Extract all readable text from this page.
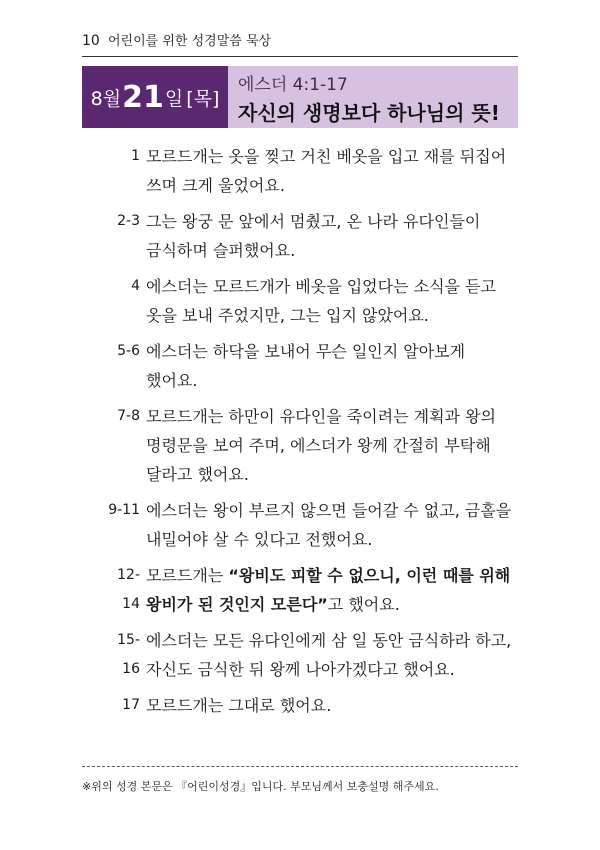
10 어린이를 위한 성경말씀 묵상
8월 21 일 [목]
에스더 4:1-17
자신의 생명보다 하나님의 뜻!
1 모르드개는 옷을 찢고 거친 베옷을 입고 재를 뒤집어 쓰며 크게 울었어요.
2-3 그는 왕궁 문 앞에서 멈췄고, 온 나라 유다인들이 금식하며 슬퍼했어요.
4 에스더는 모르드개가 베옷을 입었다는 소식을 듣고 옷을 보내 주었지만, 그는 입지 않았어요.
5-6 에스더는 하닥을 보내어 무슨 일인지 알아보게 했어요.
7-8 모르드개는 하만이 유다인을 죽이려는 계획과 왕의 명령문을 보여 주며, 에스더가 왕께 간절히 부탁해 달라고 했어요.
9-11 에스더는 왕이 부르지 않으면 들어갈 수 없고, 금홀을 내밀어야 살 수 있다고 전했어요.
12-14
모르드개는 “왕비도 피할 수 없으니, 이런 때를 위해 왕비가 된 것인지 모른다”고 했어요.
15-16
에스더는 모든 유다인에게 삼 일 동안 금식하라 하고, 자신도 금식한 뒤 왕께 나아가겠다고 했어요.
17 모르드개는 그대로 했어요.
※위의 성경 본문은 『어린이성경』입니다. 부모님께서 보충설명 해주세요.
